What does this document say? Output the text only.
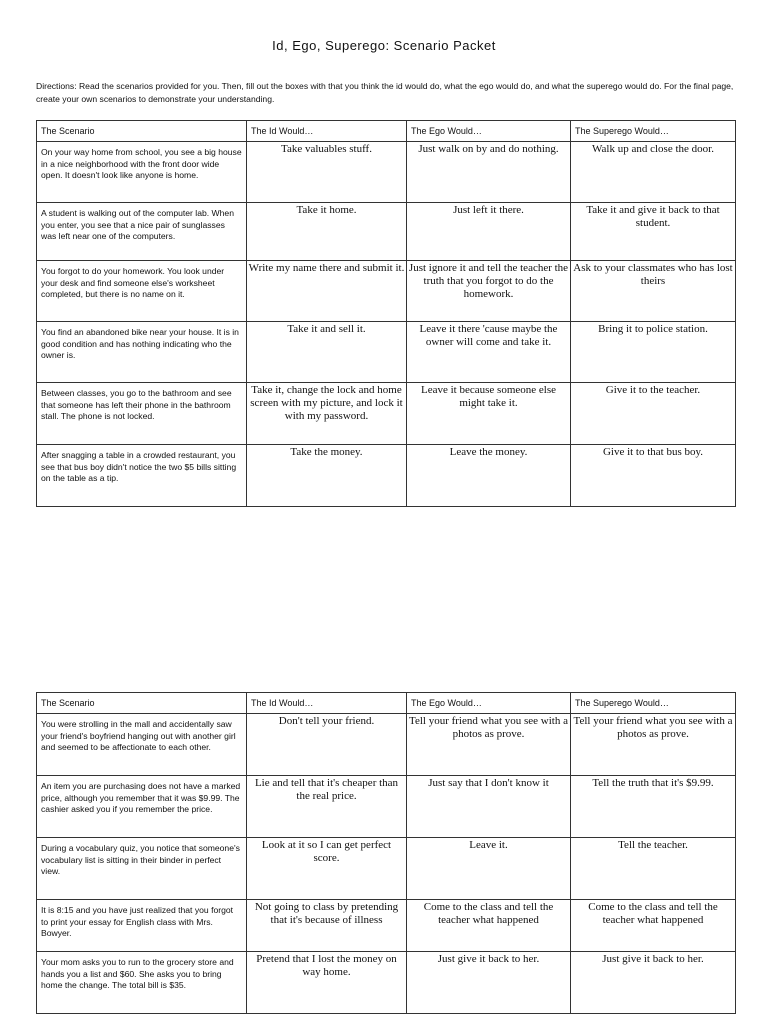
Id, Ego, Superego: Scenario Packet
Directions: Read the scenarios provided for you. Then, fill out the boxes with that you think the id would do, what the ego would do, and what the superego would do. For the final page, create your own scenarios to demonstrate your understanding.
The Scenario	The Id Would…	The Ego Would…	The Superego Would…
On your way home from school, you see a big house in a nice neighborhood with the front door wide open. It doesn't look like anyone is home.	Take valuables stuff.	Just walk on by and do nothing.	Walk up and close the door.
A student is walking out of the computer lab. When you enter, you see that a nice pair of sunglasses was left near one of the computers.	Take it home.	Just left it there.	Take it and give it back to that student.
You forgot to do your homework. You look under your desk and find someone else's worksheet completed, but there is no name on it.	Write my name there and submit it.	Just ignore it and tell the teacher the truth that you forgot to do the homework.	Ask to your classmates who has lost theirs
You find an abandoned bike near your house. It is in good condition and has nothing indicating who the owner is.	Take it and sell it.	Leave it there 'cause maybe the owner will come and take it.	Bring it to police station.
Between classes, you go to the bathroom and see that someone has left their phone in the bathroom stall. The phone is not locked.	Take it, change the lock and home screen with my picture, and lock it with my password.	Leave it because someone else might take it.	Give it to the teacher.
After snagging a table in a crowded restaurant, you see that bus boy didn't notice the two $5 bills sitting on the table as a tip.	Take the money.	Leave the money.	Give it to that bus boy.
The Scenario	The Id Would…	The Ego Would…	The Superego Would…
You were strolling in the mall and accidentally saw your friend's boyfriend hanging out with another girl and seemed to be affectionate to each other.	Don't tell your friend.	Tell your friend what you see with a photos as prove.	Tell your friend what you see with a photos as prove.
An item you are purchasing does not have a marked price, although you remember that it was $9.99. The cashier asked you if you remember the price.	Lie and tell that it's cheaper than the real price.	Just say that I don't know it	Tell the truth that it's $9.99.
During a vocabulary quiz, you notice that someone's vocabulary list is sitting in their binder in perfect view.	Look at it so I can get perfect score.	Leave it.	Tell the teacher.
It is 8:15 and you have just realized that you forgot to print your essay for English class with Mrs. Bowyer.	Not going to class by pretending that it's because of illness	Come to the class and tell the teacher what happened	Come to the class and tell the teacher what happened
Your mom asks you to run to the grocery store and hands you a list and $60. She asks you to bring home the change. The total bill is $35.	Pretend that I lost the money on way home.	Just give it back to her.	Just give it back to her.
